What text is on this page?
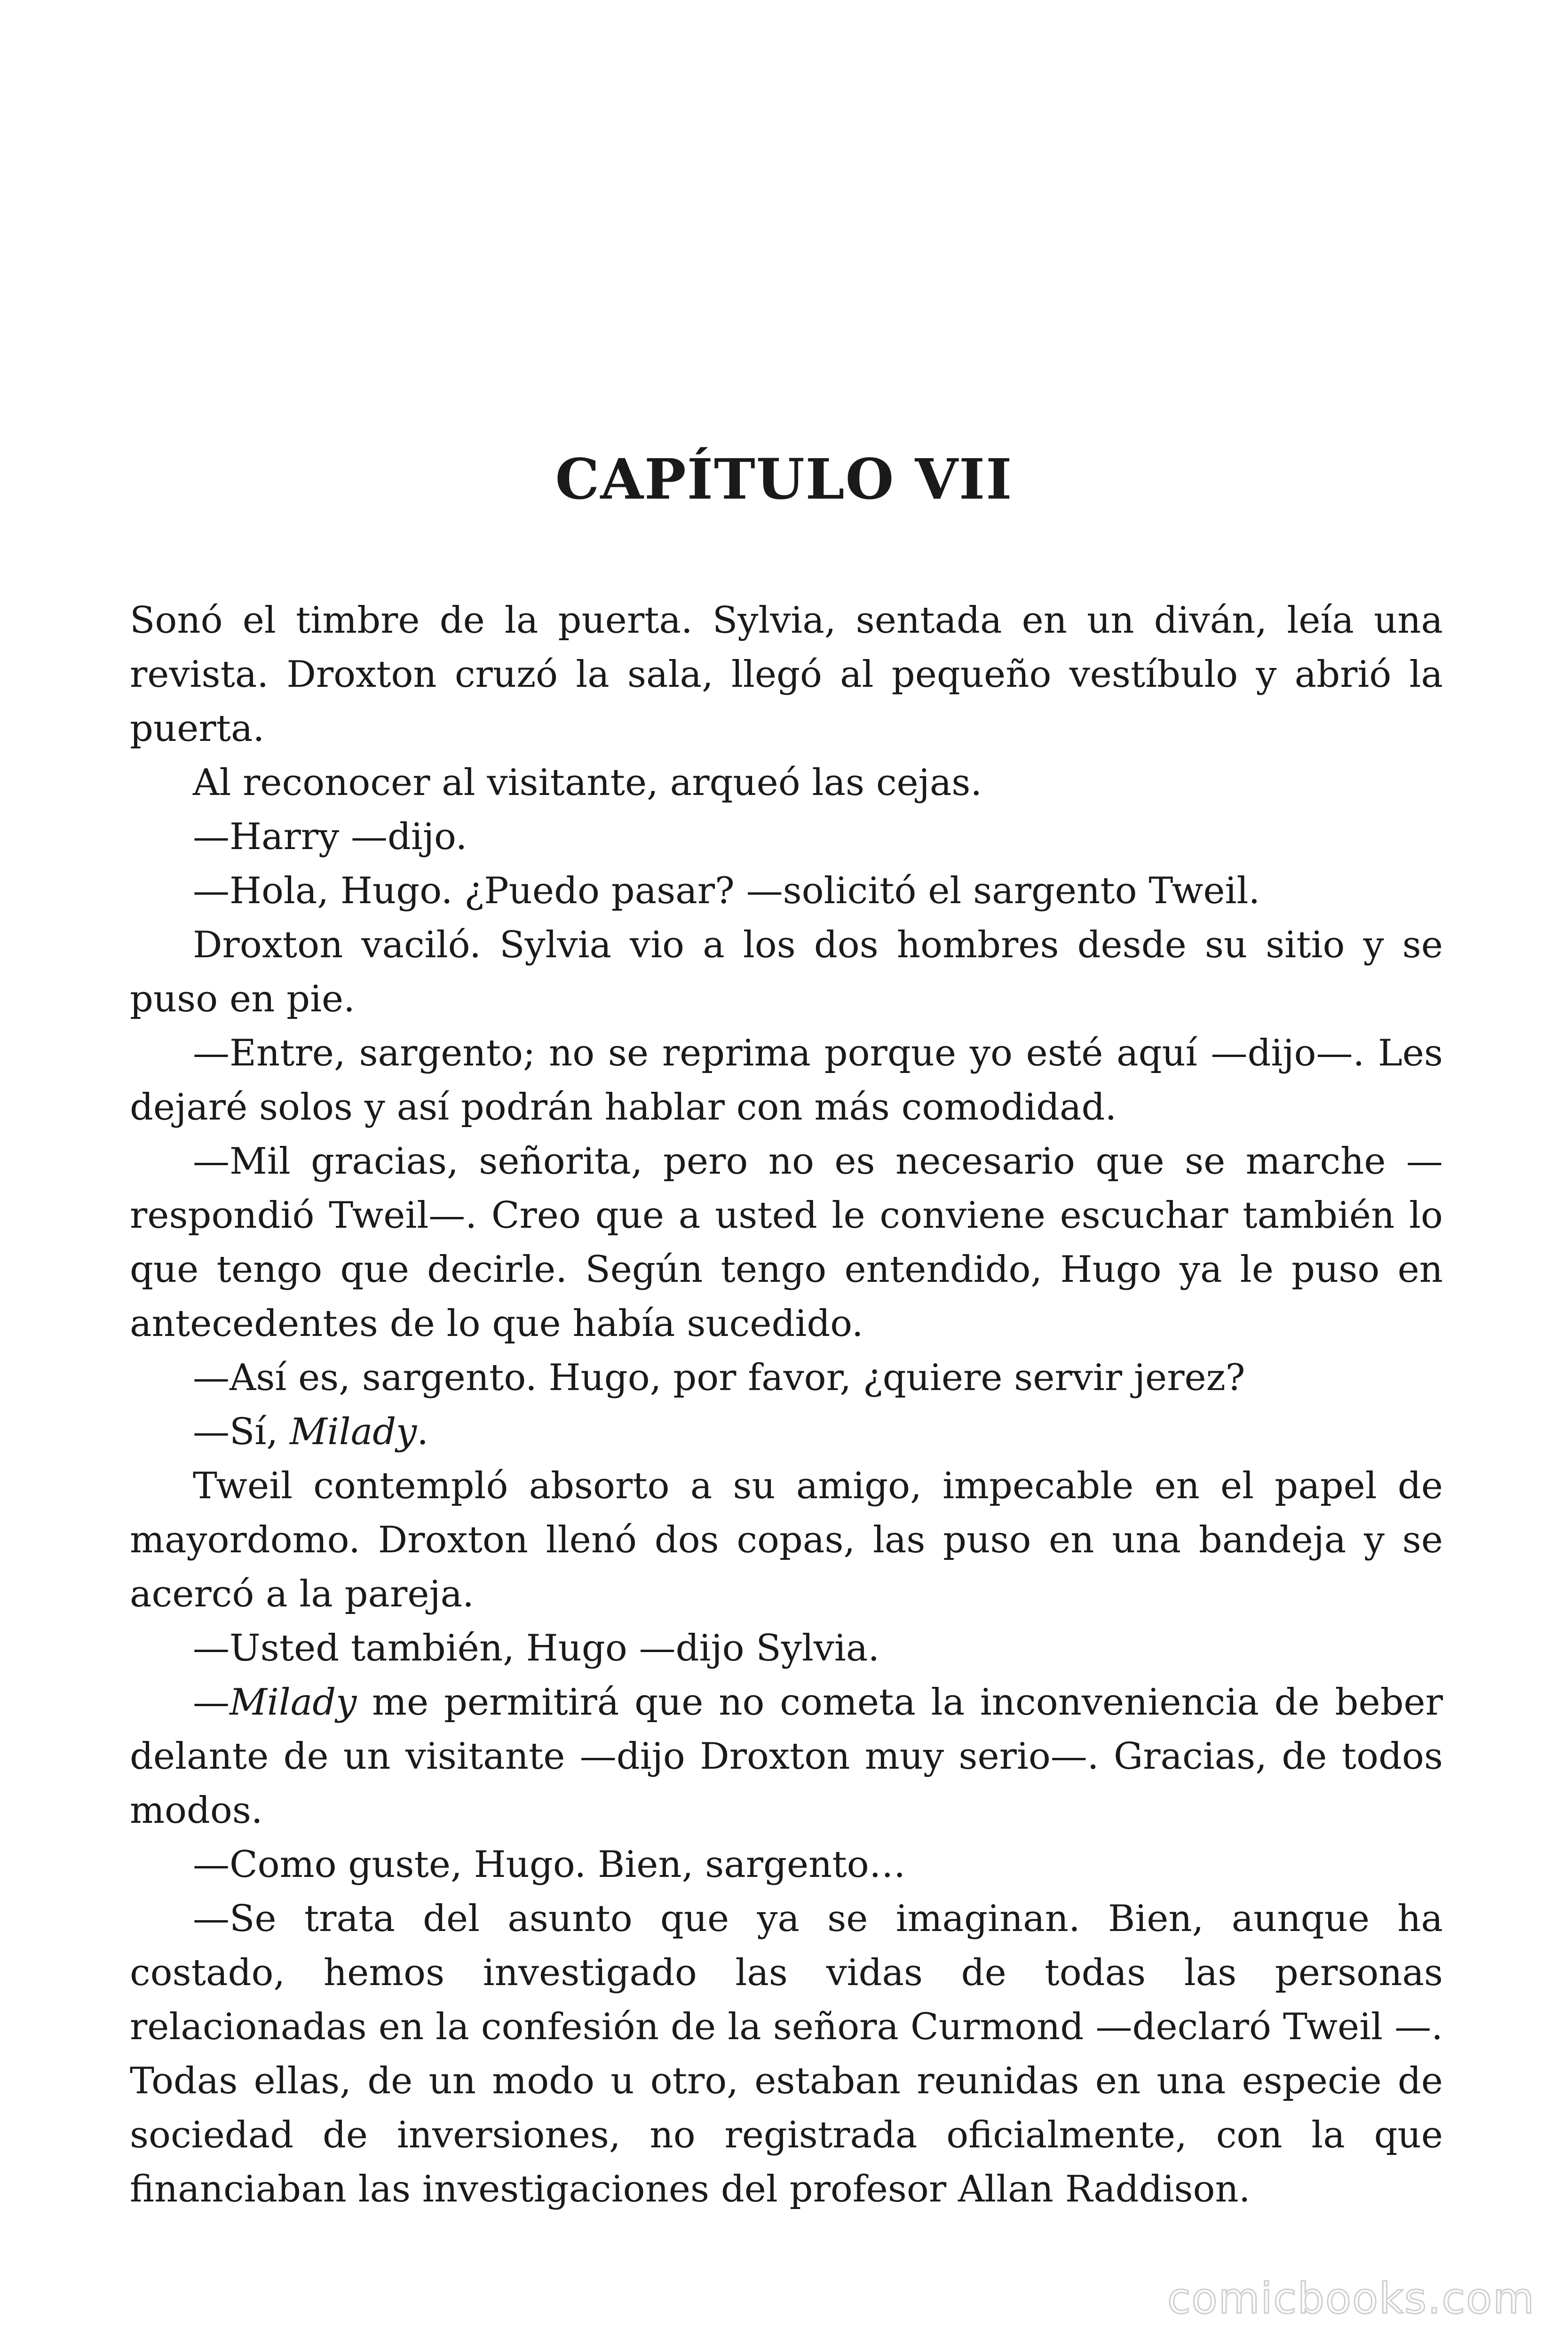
CAPÍTULO VII

Sonó el timbre de la puerta. Sylvia, sentada en un diván, leía una revista. Droxton cruzó la sala, llegó al pequeño vestíbulo y abrió la puerta.

Al reconocer al visitante, arqueó las cejas.

—Harry —dijo.

—Hola, Hugo. ¿Puedo pasar? —solicitó el sargento Tweil.

Droxton vaciló. Sylvia vio a los dos hombres desde su sitio y se puso en pie.

—Entre, sargento; no se reprima porque yo esté aquí —dijo—. Les dejaré solos y así podrán hablar con más comodidad.

—Mil gracias, señorita, pero no es necesario que se marche —respondió Tweil—. Creo que a usted le conviene escuchar también lo que tengo que decirle. Según tengo entendido, Hugo ya le puso en antecedentes de lo que había sucedido.

—Así es, sargento. Hugo, por favor, ¿quiere servir jerez?

—Sí, Milady.

Tweil contempló absorto a su amigo, impecable en el papel de mayordomo. Droxton llenó dos copas, las puso en una bandeja y se acercó a la pareja.

—Usted también, Hugo —dijo Sylvia.

—Milady me permitirá que no cometa la inconveniencia de beber delante de un visitante —dijo Droxton muy serio—. Gracias, de todos modos.

—Como guste, Hugo. Bien, sargento…

—Se trata del asunto que ya se imaginan. Bien, aunque ha costado, hemos investigado las vidas de todas las personas relacionadas en la confesión de la señora Curmond —declaró Tweil —. Todas ellas, de un modo u otro, estaban reunidas en una especie de sociedad de inversiones, no registrada oficialmente, con la que financiaban las investigaciones del profesor Allan Raddison.

comicbooks.com
